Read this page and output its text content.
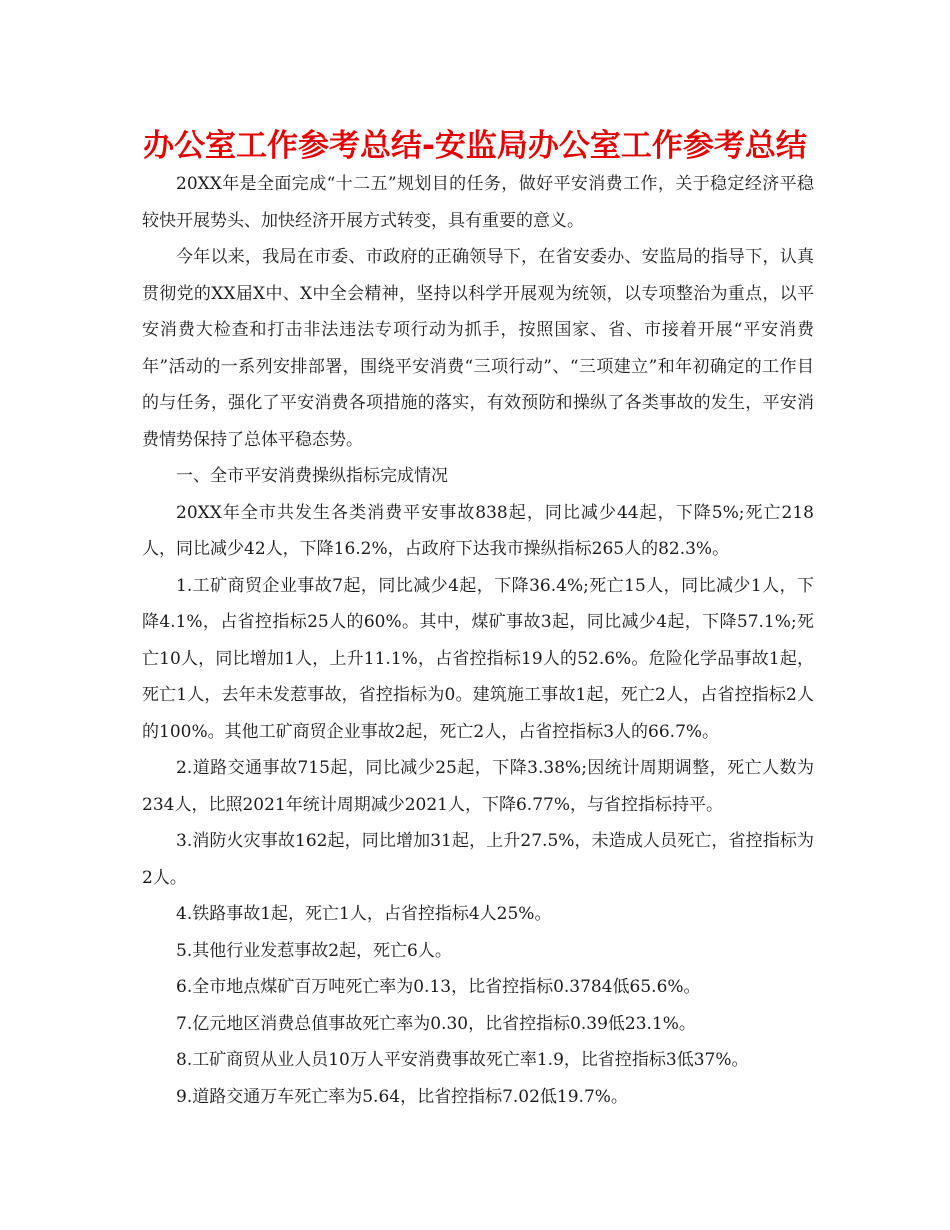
办公室工作参考总结-安监局办公室工作参考总结

20XX年是全面完成“十二五”规划目的任务，做好平安消费工作，关于稳定经济平稳较快开展势头、加快经济开展方式转变，具有重要的意义。

今年以来，我局在市委、市政府的正确领导下，在省安委办、安监局的指导下，认真贯彻党的XX届X中、X中全会精神，坚持以科学开展观为统领，以专项整治为重点，以平安消费大检查和打击非法违法专项行动为抓手，按照国家、省、市接着开展“平安消费年”活动的一系列安排部署，围绕平安消费“三项行动”、“三项建立”和年初确定的工作目的与任务，强化了平安消费各项措施的落实，有效预防和操纵了各类事故的发生，平安消费情势保持了总体平稳态势。

一、全市平安消费操纵指标完成情况

20XX年全市共发生各类消费平安事故838起，同比减少44起，下降5%;死亡218人，同比减少42人，下降16.2%，占政府下达我市操纵指标265人的82.3%。

1.工矿商贸企业事故7起，同比减少4起，下降36.4%;死亡15人，同比减少1人，下降4.1%，占省控指标25人的60%。其中，煤矿事故3起，同比减少4起，下降57.1%;死亡10人，同比增加1人，上升11.1%，占省控指标19人的52.6%。危险化学品事故1起，死亡1人，去年未发惹事故，省控指标为0。建筑施工事故1起，死亡2人，占省控指标2人的100%。其他工矿商贸企业事故2起，死亡2人，占省控指标3人的66.7%。

2.道路交通事故715起，同比减少25起，下降3.38%;因统计周期调整，死亡人数为234人，比照2021年统计周期减少2021人，下降6.77%，与省控指标持平。

3.消防火灾事故162起，同比增加31起，上升27.5%，未造成人员死亡，省控指标为2人。

4.铁路事故1起，死亡1人，占省控指标4人25%。

5.其他行业发惹事故2起，死亡6人。

6.全市地点煤矿百万吨死亡率为0.13，比省控指标0.3784低65.6%。

7.亿元地区消费总值事故死亡率为0.30，比省控指标0.39低23.1%。

8.工矿商贸从业人员10万人平安消费事故死亡率1.9，比省控指标3低37%。

9.道路交通万车死亡率为5.64，比省控指标7.02低19.7%。
